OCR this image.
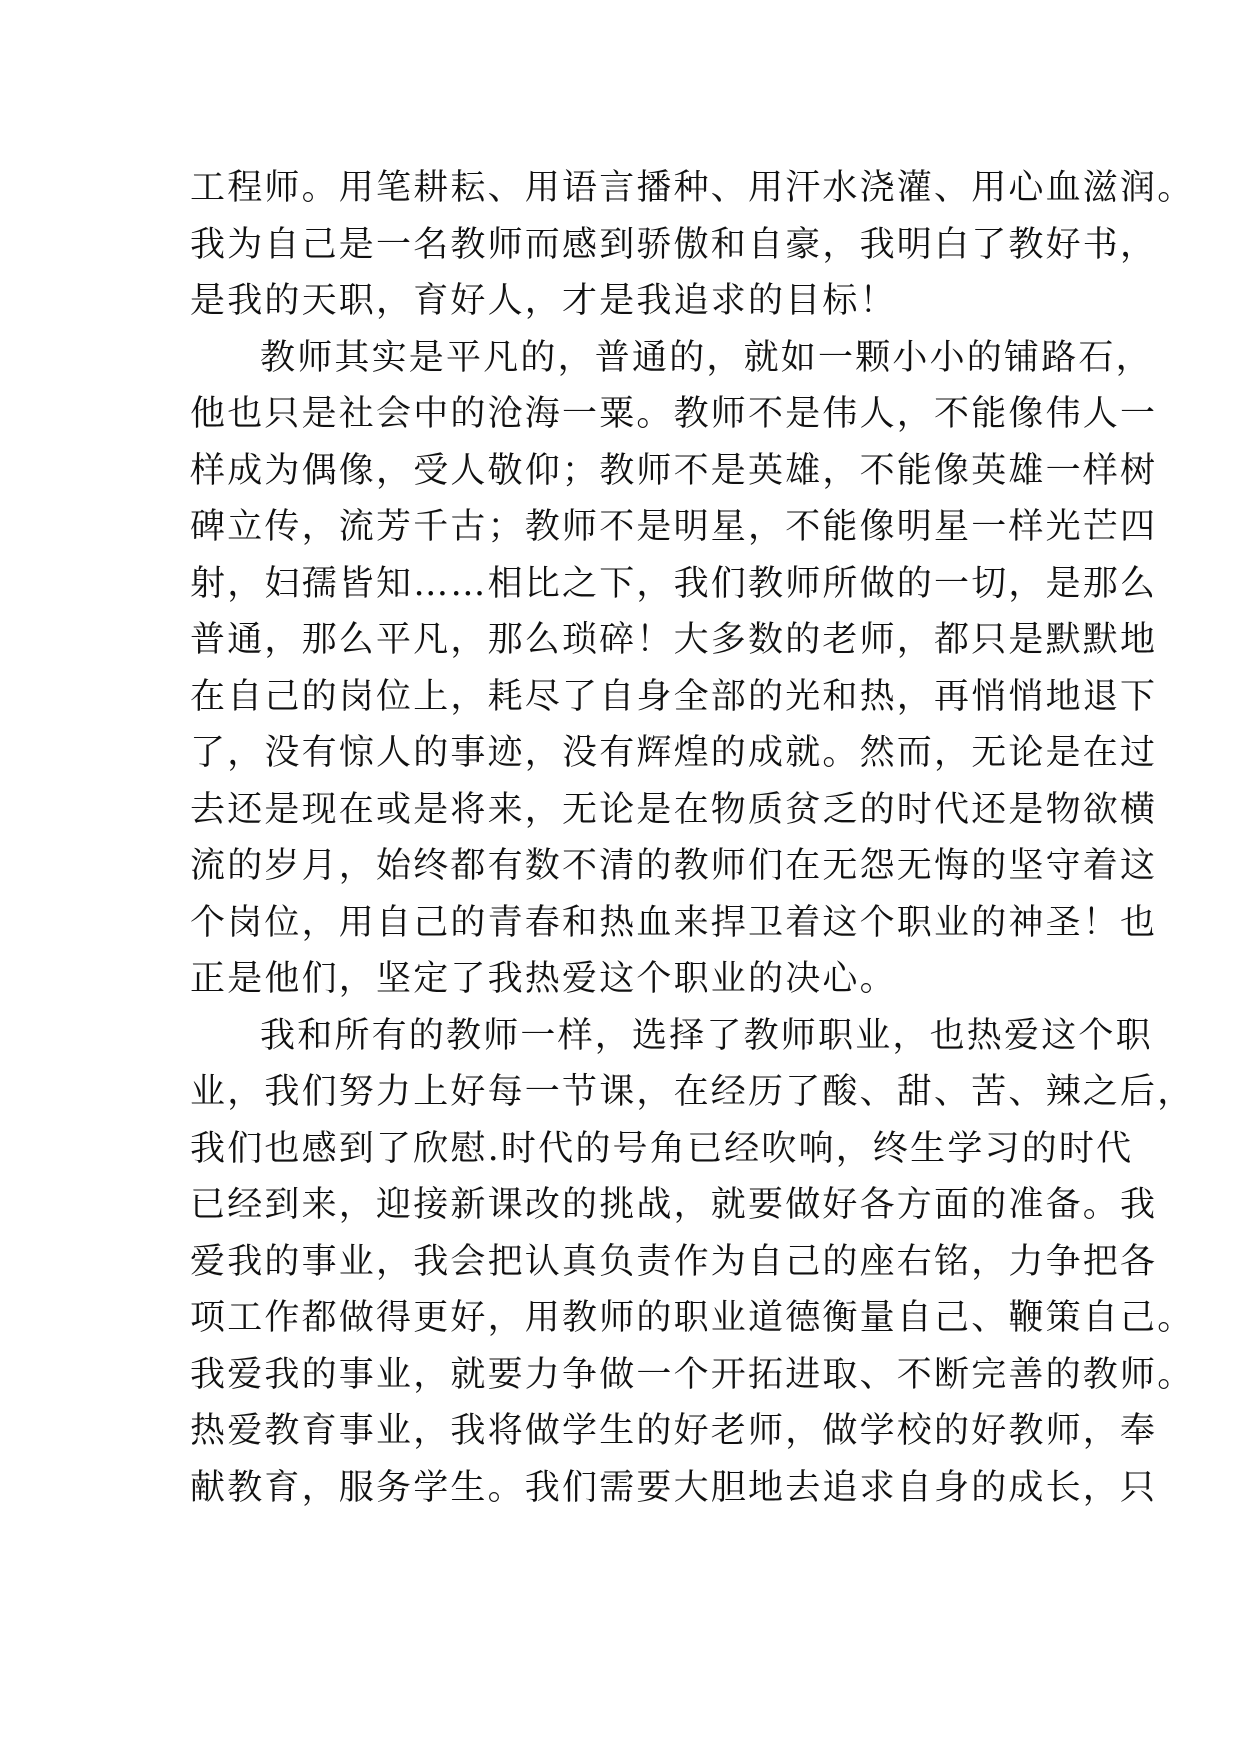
工程师。用笔耕耘、用语言播种、用汗水浇灌、用心血滋润。
我为自己是一名教师而感到骄傲和自豪，我明白了教好书，
是我的天职，育好人，才是我追求的目标！
教师其实是平凡的，普通的，就如一颗小小的铺路石，
他也只是社会中的沧海一粟。教师不是伟人，不能像伟人一
样成为偶像，受人敬仰；教师不是英雄，不能像英雄一样树
碑立传，流芳千古；教师不是明星，不能像明星一样光芒四
射，妇孺皆知……相比之下，我们教师所做的一切，是那么
普通，那么平凡，那么琐碎！大多数的老师，都只是默默地
在自己的岗位上，耗尽了自身全部的光和热，再悄悄地退下
了，没有惊人的事迹，没有辉煌的成就。然而，无论是在过
去还是现在或是将来，无论是在物质贫乏的时代还是物欲横
流的岁月，始终都有数不清的教师们在无怨无悔的坚守着这
个岗位，用自己的青春和热血来捍卫着这个职业的神圣！也
正是他们，坚定了我热爱这个职业的决心。
我和所有的教师一样，选择了教师职业，也热爱这个职
业，我们努力上好每一节课，在经历了酸、甜、苦、辣之后，
我们也感到了欣慰.时代的号角已经吹响，终生学习的时代
已经到来，迎接新课改的挑战，就要做好各方面的准备。我
爱我的事业，我会把认真负责作为自己的座右铭，力争把各
项工作都做得更好，用教师的职业道德衡量自己、鞭策自己。
我爱我的事业，就要力争做一个开拓进取、不断完善的教师。
热爱教育事业，我将做学生的好老师，做学校的好教师，奉
献教育，服务学生。我们需要大胆地去追求自身的成长，只
